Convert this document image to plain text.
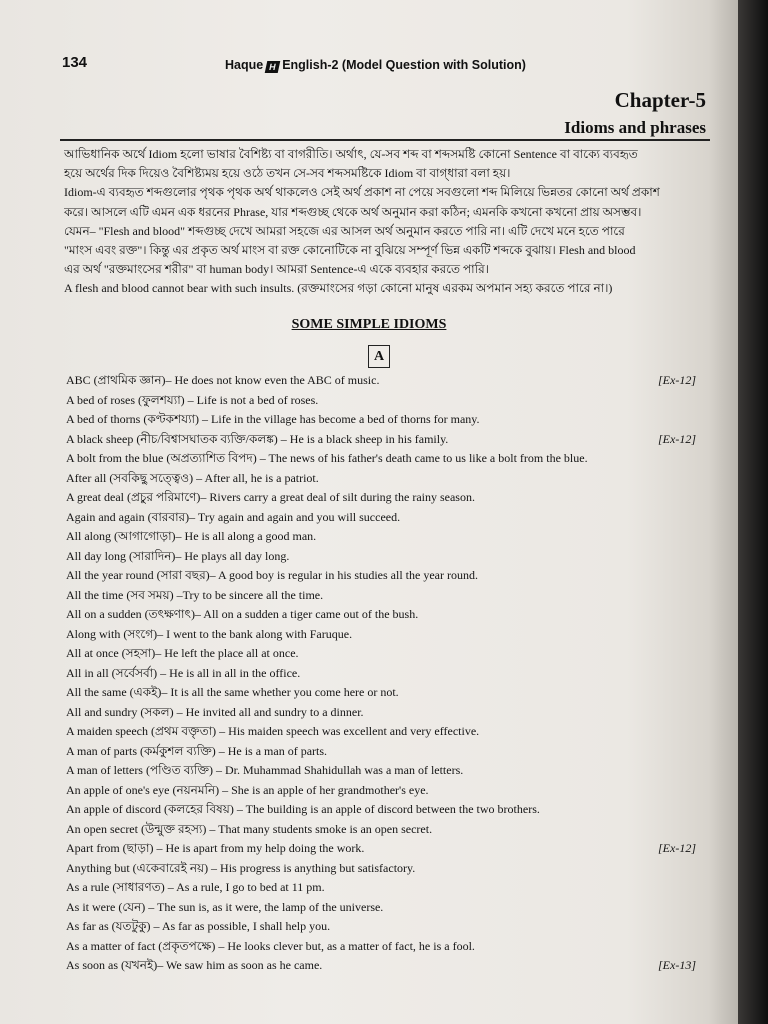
134	Haque H English-2 (Model Question with Solution)
Chapter-5
Idioms and phrases

আভিধানিক অর্থে Idiom হলো ভাষার বৈশিষ্ট্য বা বাগরীতি। অর্থাৎ, যে-সব শব্দ বা শব্দসমষ্টি কোনো Sentence বা বাক্যে ব্যবহৃত

হয়ে অর্থের দিক দিয়েও বৈশিষ্ট্যময় হয়ে ওঠে তখন সে-সব শব্দসমষ্টিকে Idiom বা বাগ্‌ধারা বলা হয়।

Idiom-এ ব্যবহৃত শব্দগুলোর পৃথক পৃথক অর্থ থাকলেও সেই অর্থ প্রকাশ না পেয়ে সবগুলো শব্দ মিলিয়ে ভিন্নতর কোনো অর্থ প্রকাশ

করে। আসলে এটি এমন এক ধরনের Phrase, যার শব্দগুচ্ছ থেকে অর্থ অনুমান করা কঠিন; এমনকি কখনো কখনো প্রায় অসম্ভব।

যেমন– "Flesh and blood" শব্দগুচ্ছ দেখে আমরা সহজে এর আসল অর্থ অনুমান করতে পারি না। এটি দেখে মনে হতে পারে

"মাংস এবং রক্ত"। কিন্তু এর প্রকৃত অর্থ মাংস বা রক্ত কোনোটিকে না বুঝিয়ে সম্পূর্ণ ভিন্ন একটি শব্দকে বুঝায়। Flesh and blood

এর অর্থ "রক্তমাংসের শরীর" বা human body। আমরা Sentence-এ একে ব্যবহার করতে পারি।

A flesh and blood cannot bear with such insults. (রক্তমাংসের গড়া কোনো মানুষ এরকম অপমান সহ্য করতে পারে না।)

SOME SIMPLE IDIOMS
A
ABC (প্রাথমিক জ্ঞান)– He does not know even the ABC of music.	[Ex-12]
A bed of roses (ফুলশয্যা) – Life is not a bed of roses.
A bed of thorns (কণ্টকশয্যা) – Life in the village has become a bed of thorns for many.
A black sheep (নীচ/বিশ্বাসঘাতক ব্যক্তি/কলঙ্ক) – He is a black sheep in his family.	[Ex-12]
A bolt from the blue (অপ্রত্যাশিত বিপদ) – The news of his father's death came to us like a bolt from the blue.
After all (সবকিছু সত্ত্বেও) – After all, he is a patriot.
A great deal (প্রচুর পরিমাণে)– Rivers carry a great deal of silt during the rainy season.
Again and again (বারবার)– Try again and again and you will succeed.
All along (আগাগোড়া)– He is all along a good man.
All day long (সারাদিন)– He plays all day long.
All the year round (সারা বছর)– A good boy is regular in his studies all the year round.
All the time (সব সময়) –Try to be sincere all the time.
All on a sudden (তৎক্ষণাৎ)– All on a sudden a tiger came out of the bush.
Along with (সংগে)– I went to the bank along with Faruque.
All at once (সহসা)– He left the place all at once.
All in all (সর্বেসর্বা) – He is all in all in the office.
All the same (একই)– It is all the same whether you come here or not.
All and sundry (সকল) – He invited all and sundry to a dinner.
A maiden speech (প্রথম বক্তৃতা) – His maiden speech was excellent and very effective.
A man of parts (কর্মকুশল ব্যক্তি) – He is a man of parts.
A man of letters (পণ্ডিত ব্যক্তি) – Dr. Muhammad Shahidullah was a man of letters.
An apple of one's eye (নয়নমনি) – She is an apple of her grandmother's eye.
An apple of discord (কলহের বিষয়) – The building is an apple of discord between the two brothers.
An open secret (উন্মুক্ত রহস্য) – That many students smoke is an open secret.
Apart from (ছাড়া) – He is apart from my help doing the work.	[Ex-12]
Anything but (একেবারেই নয়) – His progress is anything but satisfactory.
As a rule (সাধারণত) – As a rule, I go to bed at 11 pm.
As it were (যেন) – The sun is, as it were, the lamp of the universe.
As far as (যতটুকু) – As far as possible, I shall help you.
As a matter of fact (প্রকৃতপক্ষে) – He looks clever but, as a matter of fact, he is a fool.
As soon as (যখনই)– We saw him as soon as he came.	[Ex-13]
